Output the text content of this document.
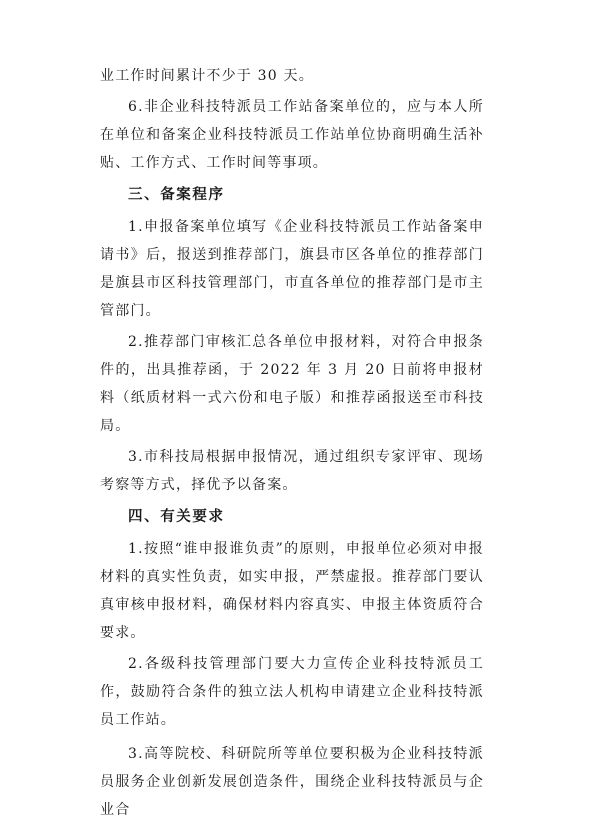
业工作时间累计不少于 30 天。

6.非企业科技特派员工作站备案单位的，应与本人所在单位和备案企业科技特派员工作站单位协商明确生活补贴、工作方式、工作时间等事项。

三、备案程序

1.申报备案单位填写《企业科技特派员工作站备案申请书》后，报送到推荐部门，旗县市区各单位的推荐部门是旗县市区科技管理部门，市直各单位的推荐部门是市主管部门。

2.推荐部门审核汇总各单位申报材料，对符合申报条件的，出具推荐函，于 2022 年 3 月 20 日前将申报材料（纸质材料一式六份和电子版）和推荐函报送至市科技局。

3.市科技局根据申报情况，通过组织专家评审、现场考察等方式，择优予以备案。

四、有关要求

1.按照“谁申报谁负责”的原则，申报单位必须对申报材料的真实性负责，如实申报，严禁虚报。推荐部门要认真审核申报材料，确保材料内容真实、申报主体资质符合要求。

2.各级科技管理部门要大力宣传企业科技特派员工作，鼓励符合条件的独立法人机构申请建立企业科技特派员工作站。

3.高等院校、科研院所等单位要积极为企业科技特派员服务企业创新发展创造条件，围绕企业科技特派员与企业合
